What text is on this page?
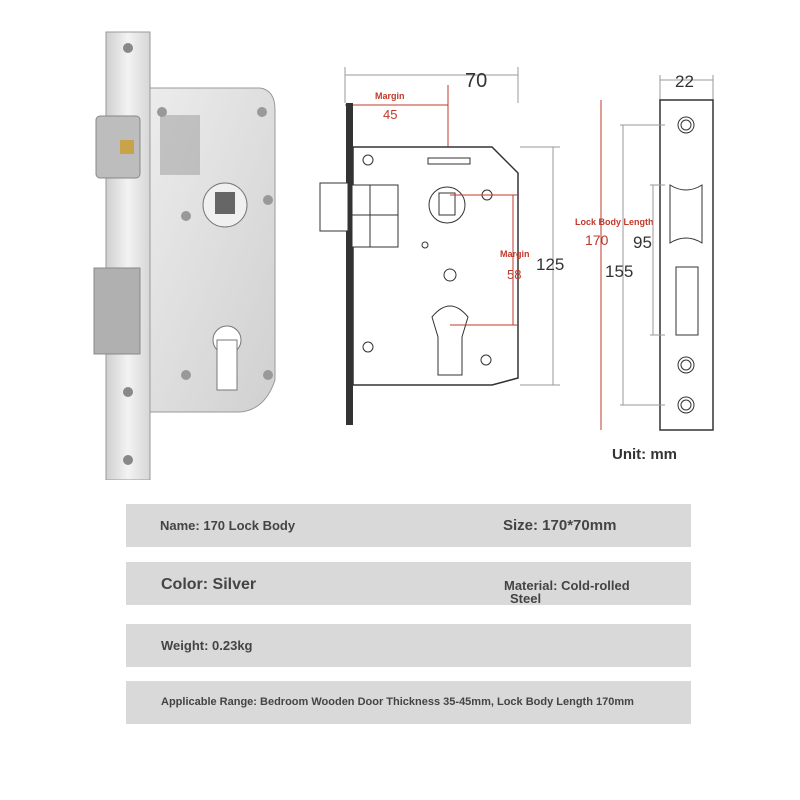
70
Margin
45
Margin
58
125
22
Lock Body Length
170
155
95
Unit: mm
Name: 170 Lock Body	Size: 170*70mm
Color: Silver	Material: Cold-rolled
Steel
Weight: 0.23kg
Applicable Range: Bedroom Wooden Door Thickness 35-45mm, Lock Body Length 170mm
